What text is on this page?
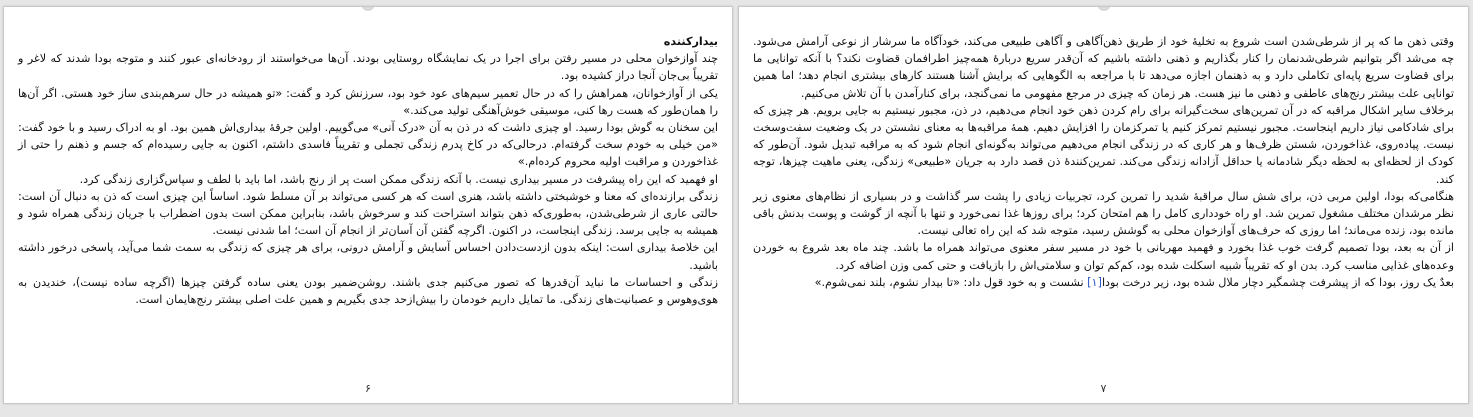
بیدارکننده

چند آوازخوان محلی در مسیر رفتن برای اجرا در یک نمایشگاه روستایی بودند. آن‌ها می‌خواستند از رودخانه‌ای عبور کنند و متوجه بودا شدند که لاغر و تقریباً بی‌جان آنجا دراز کشیده بود.

یکی از آوازخوانان، همراهش را که در حال تعمیر سیم‌های عود خود بود، سرزنش کرد و گفت: «تو همیشه در حال سرهم‌بندی ساز خود هستی. اگر آن‌ها را همان‌طور که هست رها کنی، موسیقی خوش‌آهنگی تولید می‌کند.»

این سخنان به گوش بودا رسید. او چیزی داشت که در ذن به آن «درک آنی» می‌گوییم. اولین جرقهٔ بیداری‌اش همین بود. او به ادراک رسید و با خود گفت: «من خیلی به خودم سخت گرفته‌ام. درحالی‌که در کاخ پدرم زندگی تجملی و تقریباً فاسدی داشتم، اکنون به جایی رسیده‌ام که جسم و ذهنم را حتی از غذاخوردن و مراقبت اولیه محروم کرده‌ام.»

او فهمید که این راه پیشرفت در مسیر بیداری نیست. با آنکه زندگی ممکن است پر از رنج باشد، اما باید با لطف و سپاس‌گزاری زندگی کرد.

زندگی برازنده‌ای که معنا و خوشبختی داشته باشد، هنری است که هر کسی می‌تواند بر آن مسلط شود. اساساً این چیزی است که ذن به دنبال آن است: حالتی عاری از شرطی‌شدن، به‌طوری‌که ذهن بتواند استراحت کند و سرخوش باشد، بنابراین ممکن است بدون اضطراب با جریان زندگی همراه شود و همیشه به جایی برسد. زندگی اینجاست، در اکنون. اگرچه گفتن آن آسان‌تر از انجام آن است؛ اما شدنی نیست.

این خلاصهٔ بیداری است: اینکه بدون ازدست‌دادن احساس آسایش و آرامش درونی، برای هر چیزی که زندگی به سمت شما می‌آید، پاسخی درخور داشته باشید.

زندگی و احساسات ما نباید آن‌قدرها که تصور می‌کنیم جدی باشند. روشن‌ضمیر بودن یعنی ساده گرفتن چیزها (اگرچه ساده نیست)، خندیدن به هوی‌وهوس و عصبانیت‌های زندگی. ما تمایل داریم خودمان را بیش‌ازحد جدی بگیریم و همین علت اصلی بیشتر رنج‌هایمان است.

۶

وقتی ذهن ما که پر از شرطی‌شدن است شروع به تخلیهٔ خود از طریق ذهن‌آگاهی و آگاهی طبیعی می‌کند، خودآگاه ما سرشار از نوعی آرامش می‌شود. چه می‌شد اگر بتوانیم شرطی‌شدنمان را کنار بگذاریم و ذهنی داشته باشیم که آن‌قدر سریع دربارهٔ همه‌چیز اطرافمان قضاوت نکند؟ با آنکه توانایی ما برای قضاوت سریع پایه‌ای تکاملی دارد و به ذهنمان اجازه می‌دهد تا با مراجعه به الگوهایی که برایش آشنا هستند کارهای بیشتری انجام دهد؛ اما همین توانایی علت بیشتر رنج‌های عاطفی و ذهنی ما نیز هست. هر زمان که چیزی در مرجع مفهومی ما نمی‌گنجد، برای کنارآمدن با آن تلاش می‌کنیم.

برخلاف سایر اشکال مراقبه که در آن تمرین‌های سخت‌گیرانه برای رام کردن ذهن خود انجام می‌دهیم، در ذن، مجبور نیستیم به جایی برویم. هر چیزی که برای شادکامی نیاز داریم اینجاست. مجبور نیستیم تمرکز کنیم یا تمرکزمان را افزایش دهیم. همهٔ مراقبه‌ها به معنای نشستن در یک وضعیت سفت‌وسخت نیست. پیاده‌روی، غذاخوردن، شستن ظرف‌ها و هر کاری که در زندگی انجام می‌دهیم می‌تواند به‌گونه‌ای انجام شود که به مراقبه تبدیل شود. آن‌طور که کودک از لحظه‌ای به لحظه دیگر شادمانه یا حداقل آزادانه زندگی می‌کند. تمرین‌کنندهٔ ذن قصد دارد به جریان «طبیعی» زندگی، یعنی ماهیت چیزها، توجه کند.

هنگامی‌که بودا، اولین مربی ذن، برای شش سال مراقبهٔ شدید را تمرین کرد، تجربیات زیادی را پشت سر گذاشت و در بسیاری از نظام‌های معنوی زیر نظر مرشدان مختلف مشغول تمرین شد. او راه خودداری کامل را هم امتحان کرد؛ برای روزها غذا نمی‌خورد و تنها با آنچه از گوشت و پوست بدنش باقی مانده بود، زنده می‌ماند؛ اما روزی که حرف‌های آوازخوان محلی به گوشش رسید، متوجه شد که این راه تعالی نیست.

از آن به بعد، بودا تصمیم گرفت خوب غذا بخورد و فهمید مهربانی با خود در مسیر سفر معنوی می‌تواند همراه ما باشد. چند ماه بعد شروع به خوردن وعده‌های غذایی مناسب کرد. بدن او که تقریباً شبیه اسکلت شده بود، کم‌کم توان و سلامتی‌اش را بازیافت و حتی کمی وزن اضافه کرد.

بعدٌ یک روز، بودا که از پیشرفت چشمگیر دچار ملال شده بود، زیر درخت بودا[۱] نشست و به خود قول داد: «تا بیدار نشوم، بلند نمی‌شوم.»

۷
